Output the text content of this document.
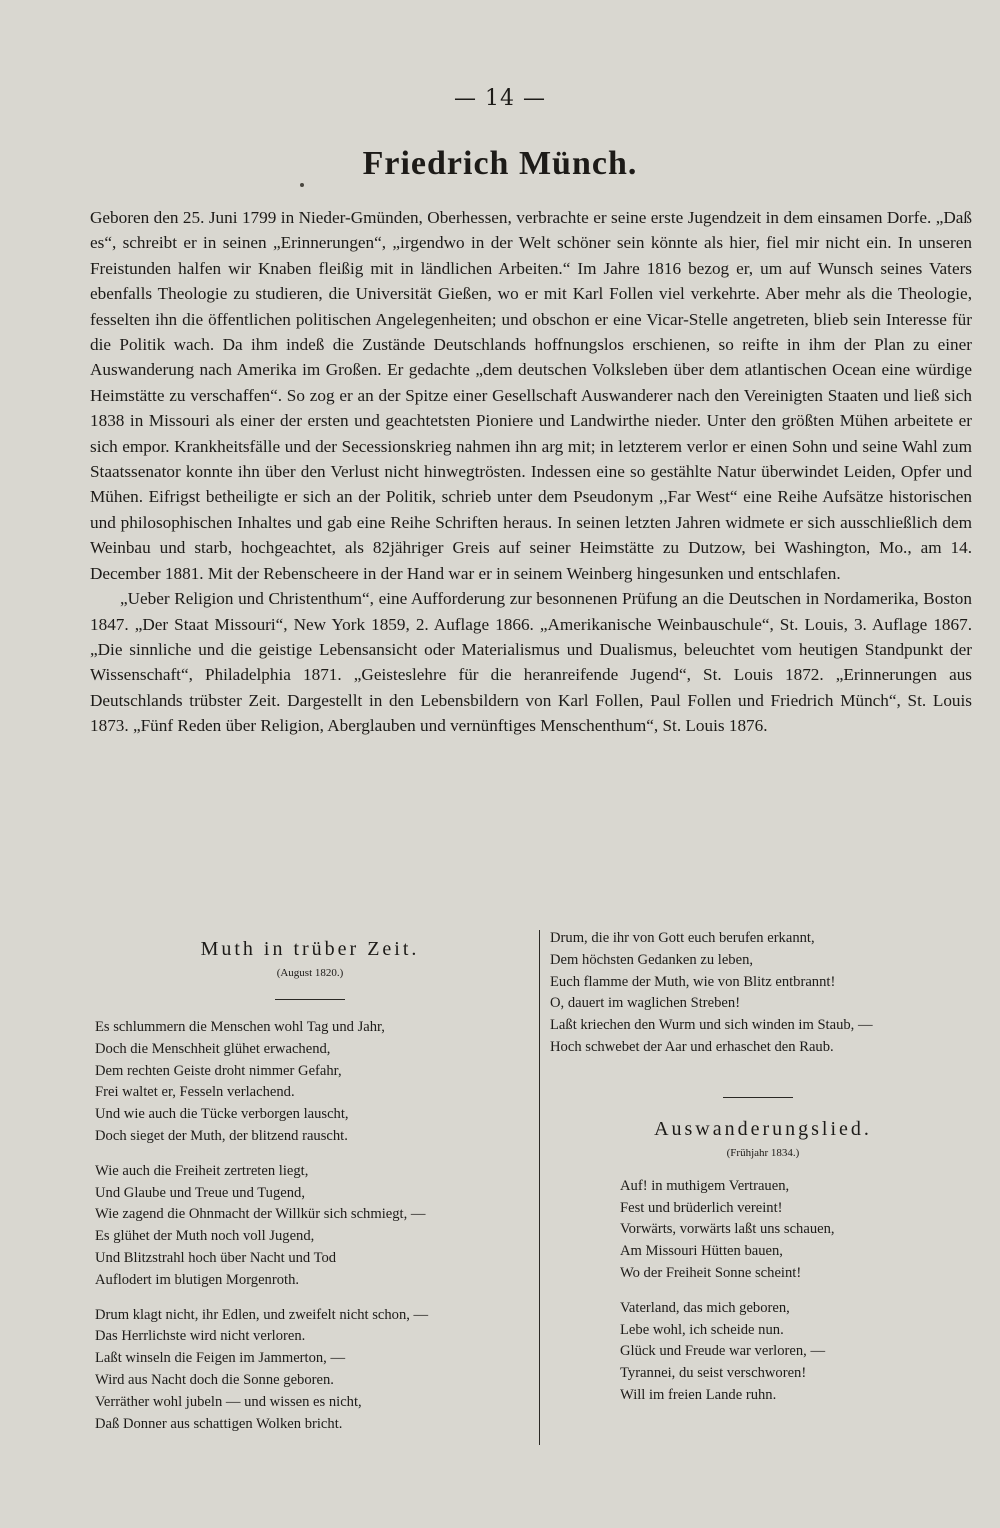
— 14 —
Friedrich Münch.

Geboren den 25. Juni 1799 in Nieder-Gmünden, Oberhessen, verbrachte er seine erste Jugendzeit in dem einsamen Dorfe. „Daß es“, schreibt er in seinen „Erinnerungen“, „irgendwo in der Welt schöner sein könnte als hier, fiel mir nicht ein. In unseren Freistunden halfen wir Knaben fleißig mit in ländlichen Arbeiten.“ Im Jahre 1816 bezog er, um auf Wunsch seines Vaters ebenfalls Theologie zu studieren, die Universität Gießen, wo er mit Karl Follen viel verkehrte. Aber mehr als die Theologie, fesselten ihn die öffentlichen politischen Angelegenheiten; und obschon er eine Vicar-Stelle angetreten, blieb sein Interesse für die Politik wach. Da ihm indeß die Zustände Deutschlands hoffnungslos erschienen, so reifte in ihm der Plan zu einer Auswanderung nach Amerika im Großen. Er gedachte „dem deutschen Volksleben über dem atlantischen Ocean eine würdige Heimstätte zu verschaffen“. So zog er an der Spitze einer Gesellschaft Auswanderer nach den Vereinigten Staaten und ließ sich 1838 in Missouri als einer der ersten und geachtetsten Pioniere und Landwirthe nieder. Unter den größten Mühen arbeitete er sich empor. Krankheitsfälle und der Secessionskrieg nahmen ihn arg mit; in letzterem verlor er einen Sohn und seine Wahl zum Staatssenator konnte ihn über den Verlust nicht hinwegtrösten. Indessen eine so gestählte Natur überwindet Leiden, Opfer und Mühen. Eifrigst betheiligte er sich an der Politik, schrieb unter dem Pseudonym ,,Far West“ eine Reihe Aufsätze historischen und philosophischen Inhaltes und gab eine Reihe Schriften heraus. In seinen letzten Jahren widmete er sich ausschließlich dem Weinbau und starb, hochgeachtet, als 82jähriger Greis auf seiner Heimstätte zu Dutzow, bei Washington, Mo., am 14. December 1881. Mit der Rebenscheere in der Hand war er in seinem Weinberg hingesunken und entschlafen.

„Ueber Religion und Christenthum“, eine Aufforderung zur besonnenen Prüfung an die Deutschen in Nordamerika, Boston 1847. „Der Staat Missouri“, New York 1859, 2. Auflage 1866. „Amerikanische Weinbauschule“, St. Louis, 3. Auflage 1867. „Die sinnliche und die geistige Lebensansicht oder Materialismus und Dualismus, beleuchtet vom heutigen Standpunkt der Wissenschaft“, Philadelphia 1871. „Geisteslehre für die heranreifende Jugend“, St. Louis 1872. „Erinnerungen aus Deutschlands trübster Zeit. Dargestellt in den Lebensbildern von Karl Follen, Paul Follen und Friedrich Münch“, St. Louis 1873. „Fünf Reden über Religion, Aberglauben und vernünftiges Menschenthum“, St. Louis 1876.

Muth in trüber Zeit.
(August 1820.)
Es schlummern die Menschen wohl Tag und Jahr,
Doch die Menschheit glühet erwachend,
Dem rechten Geiste droht nimmer Gefahr,
Frei waltet er, Fesseln verlachend.
Und wie auch die Tücke verborgen lauscht,
Doch sieget der Muth, der blitzend rauscht.
Wie auch die Freiheit zertreten liegt,
Und Glaube und Treue und Tugend,
Wie zagend die Ohnmacht der Willkür sich schmiegt, —
Es glühet der Muth noch voll Jugend,
Und Blitzstrahl hoch über Nacht und Tod
Auflodert im blutigen Morgenroth.
Drum klagt nicht, ihr Edlen, und zweifelt nicht schon, —
Das Herrlichste wird nicht verloren.
Laßt winseln die Feigen im Jammerton, —
Wird aus Nacht doch die Sonne geboren.
Verräther wohl jubeln — und wissen es nicht,
Daß Donner aus schattigen Wolken bricht.
Drum, die ihr von Gott euch berufen erkannt,
Dem höchsten Gedanken zu leben,
Euch flamme der Muth, wie von Blitz entbrannt!
O, dauert im waglichen Streben!
Laßt kriechen den Wurm und sich winden im Staub, —
Hoch schwebet der Aar und erhaschet den Raub.
Auswanderungslied.
(Frühjahr 1834.)
Auf! in muthigem Vertrauen,
Fest und brüderlich vereint!
Vorwärts, vorwärts laßt uns schauen,
Am Missouri Hütten bauen,
Wo der Freiheit Sonne scheint!
Vaterland, das mich geboren,
Lebe wohl, ich scheide nun.
Glück und Freude war verloren, —
Tyrannei, du seist verschworen!
Will im freien Lande ruhn.
